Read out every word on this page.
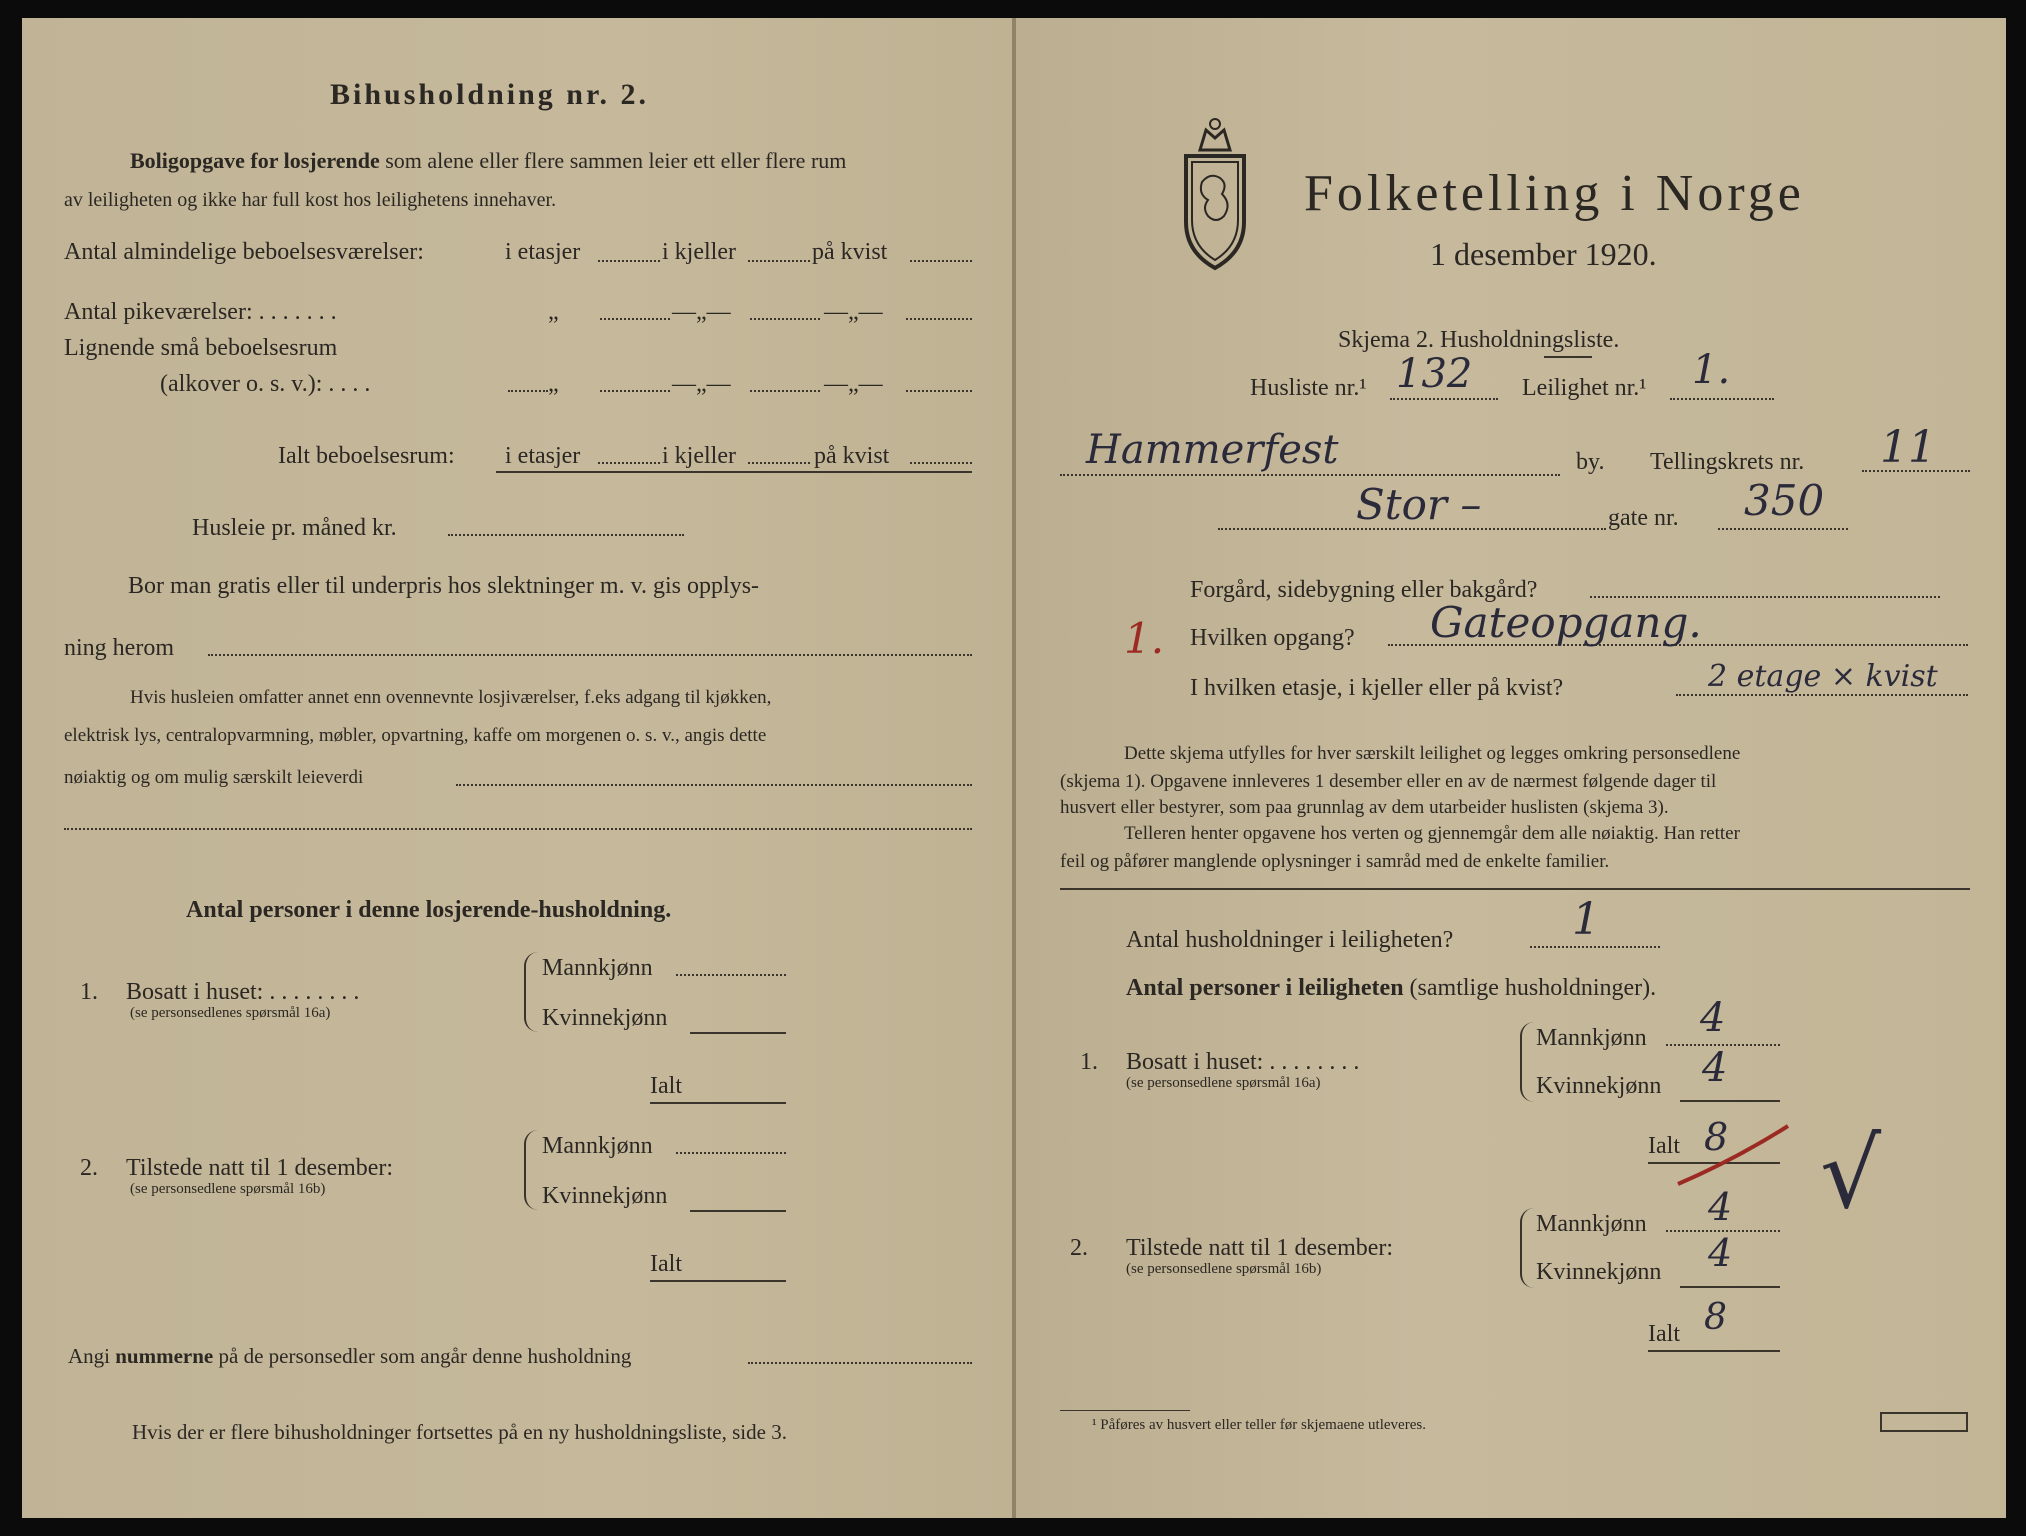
Bihusholdning nr. 2.
Boligopgave for losjerende som alene eller flere sammen leier ett eller flere rum
av leiligheten og ikke har full kost hos leilighetens innehaver.
Antal almindelige beboelsesværelser:	i etasjer	i kjeller	på kvist
Antal pikeværelser: . . . . . . .	„	—„—	—„—
Lignende små beboelsesrum
(alkover o. s. v.): . . . .	„	—„—	—„—
Ialt beboelsesrum: i etasjer	i kjeller	på kvist
Husleie pr. måned kr.
Bor man gratis eller til underpris hos slektninger m. v. gis opplys-
ning herom
Hvis husleien omfatter annet enn ovennevnte losjiværelser, f.eks adgang til kjøkken,
elektrisk lys, centralopvarmning, møbler, opvartning, kaffe om morgenen o. s. v., angis dette
nøiaktig og om mulig særskilt leieverdi
Antal personer i denne losjerende-husholdning.
1. Bosatt i huset: . . . . . . . .
(se personsedlenes spørsmål 16a)
Mannkjønn
Kvinnekjønn
Ialt
2. Tilstede natt til 1 desember:
(se personsedlene spørsmål 16b)
Mannkjønn
Kvinnekjønn
Ialt
Angi nummerne på de personsedler som angår denne husholdning
Hvis der er flere bihusholdninger fortsettes på en ny husholdningsliste, side 3.
Folketelling i Norge
1 desember 1920.
Skjema 2. Husholdningsliste.
Husliste nr.¹ 132 Leilighet nr.¹ 1.
Hammerfest	by. Tellingskrets nr. 11
Stor –	gate nr. 350
Forgård, sidebygning eller bakgård?
1. Hvilken opgang? Gateopgang.
I hvilken etasje, i kjeller eller på kvist?	2 etage × kvist
Dette skjema utfylles for hver særskilt leilighet og legges omkring personsedlene
(skjema 1). Opgavene innleveres 1 desember eller en av de nærmest følgende dager til
husvert eller bestyrer, som paa grunnlag av dem utarbeider huslisten (skjema 3).
Telleren henter opgavene hos verten og gjennemgår dem alle nøiaktig. Han retter
feil og påfører manglende oplysninger i samråd med de enkelte familier.
Antal husholdninger i leiligheten?	1
Antal personer i leiligheten (samtlige husholdninger).
1. Bosatt i huset: . . . . . . . .
(se personsedlene spørsmål 16a)
Mannkjønn 4
Kvinnekjønn 4
Ialt 8 √
2. Tilstede natt til 1 desember:
(se personsedlene spørsmål 16b)
Mannkjønn 4
Kvinnekjønn 4
Ialt 8
¹ Påføres av husvert eller teller før skjemaene utleveres.
